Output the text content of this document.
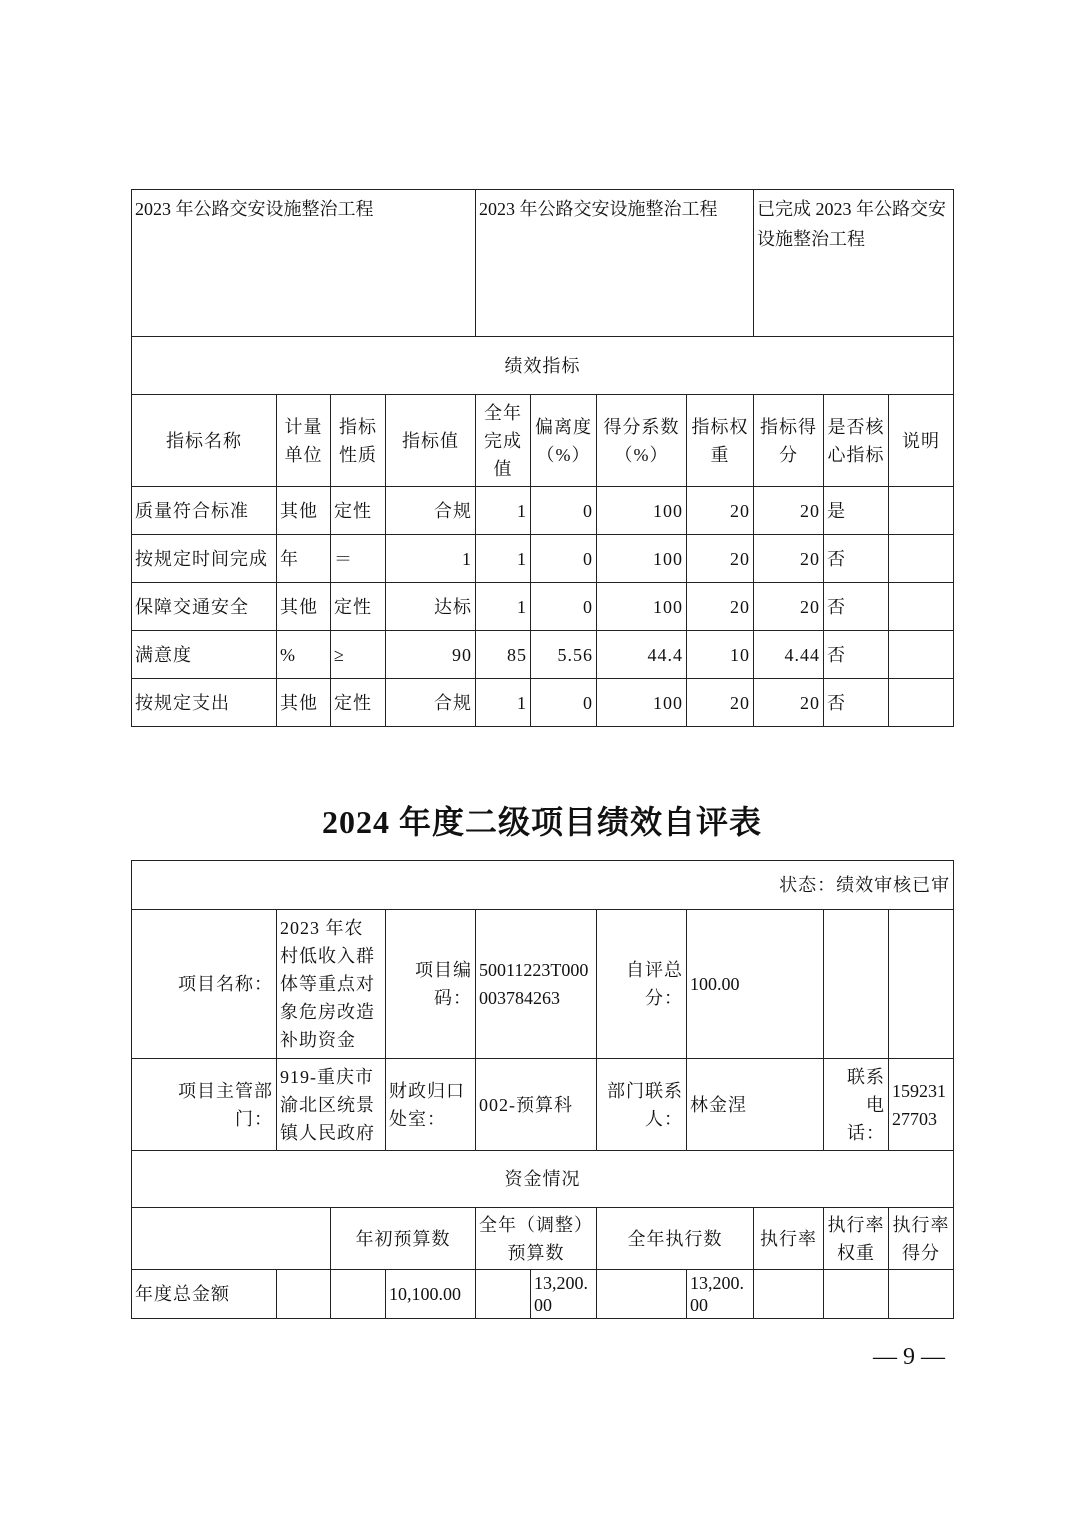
2023 年公路交安设施整治工程				2023 年公路交安设施整治工程				已完成 2023 年公路交安设施整治工程		
绩效指标										
指标名称	计量单位	指标性质	指标值	全年完成值	偏离度（%）	得分系数（%）	指标权重	指标得分	是否核心指标	说明
质量符合标准	其他	定性	合规	1	0	100	20	20	是	
按规定时间完成	年	＝	1	1	0	100	20	20	否	
保障交通安全	其他	定性	达标	1	0	100	20	20	否	
满意度	%	≥	90	85	5.56	44.4	10	4.44	否	
按规定支出	其他	定性	合规	1	0	100	20	20	否	
2024 年度二级项目绩效自评表
状态：绩效审核已审										
项目名称：	2023 年农村低收入群体等重点对象危房改造补助资金		项目编码：	50011223T000003784263		自评总分：	100.00			
项目主管部门：	919-重庆市渝北区统景镇人民政府		财政归口处室：	002-预算科		部门联系人：	林金涅		联系电话：	15923127703
资金情况										
		年初预算数		全年（调整）预算数		全年执行数		执行率	执行率权重	执行率得分
年度总金额			10,100.00		13,200.00		13,200.00			
— 9 —
